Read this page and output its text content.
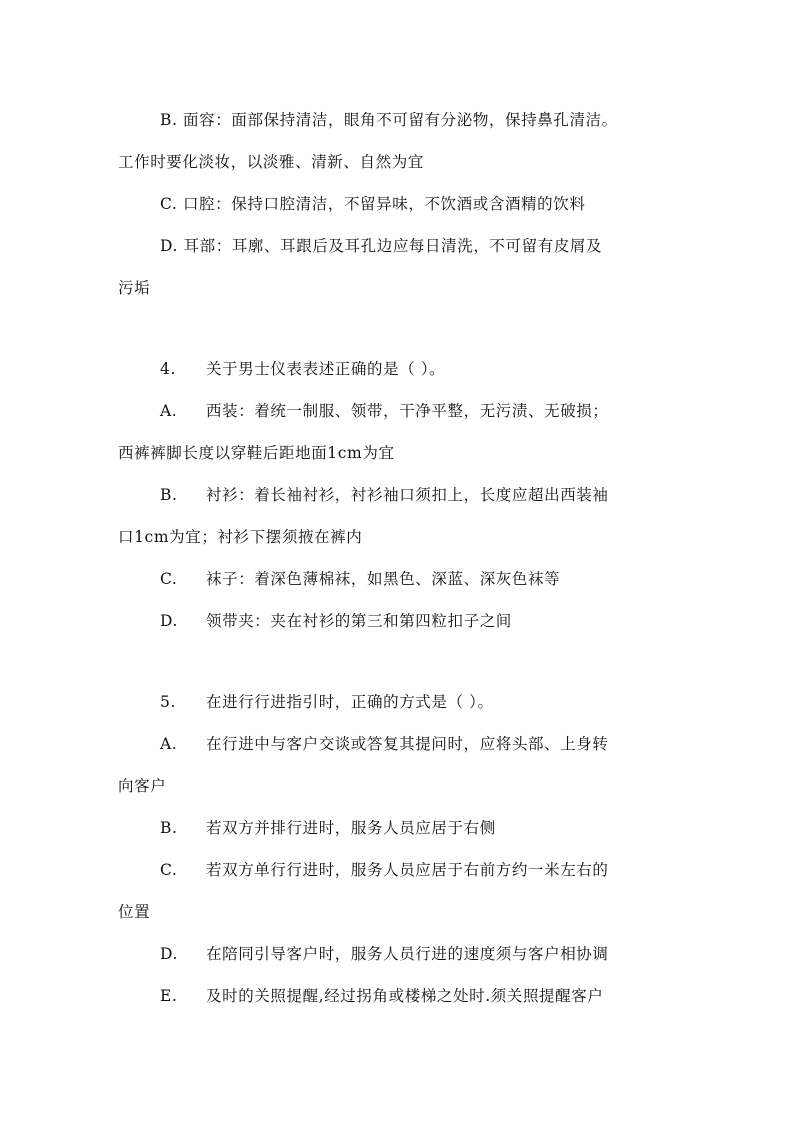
B. 面容：面部保持清洁，眼角不可留有分泌物，保持鼻孔清洁。
工作时要化淡妆，以淡雅、清新、自然为宜
C. 口腔：保持口腔清洁，不留异味，不饮酒或含酒精的饮料
D. 耳部：耳廓、耳跟后及耳孔边应每日清洗，不可留有皮屑及
污垢
4. 关于男士仪表表述正确的是（ ）。
A. 西装：着统一制服、领带，干净平整，无污渍、无破损；
西裤裤脚长度以穿鞋后距地面1cm为宜
B. 衬衫：着长袖衬衫，衬衫袖口须扣上，长度应超出西装袖
口1cm为宜；衬衫下摆须掖在裤内
C. 袜子：着深色薄棉袜，如黑色、深蓝、深灰色袜等
D. 领带夹：夹在衬衫的第三和第四粒扣子之间
5. 在进行行进指引时，正确的方式是（ ）。
A. 在行进中与客户交谈或答复其提问时，应将头部、上身转
向客户
B. 若双方并排行进时，服务人员应居于右侧
C. 若双方单行行进时，服务人员应居于右前方约一米左右的
位置
D. 在陪同引导客户时，服务人员行进的速度须与客户相协调
E. 及时的关照提醒,经过拐角或楼梯之处时.须关照提醒客户
